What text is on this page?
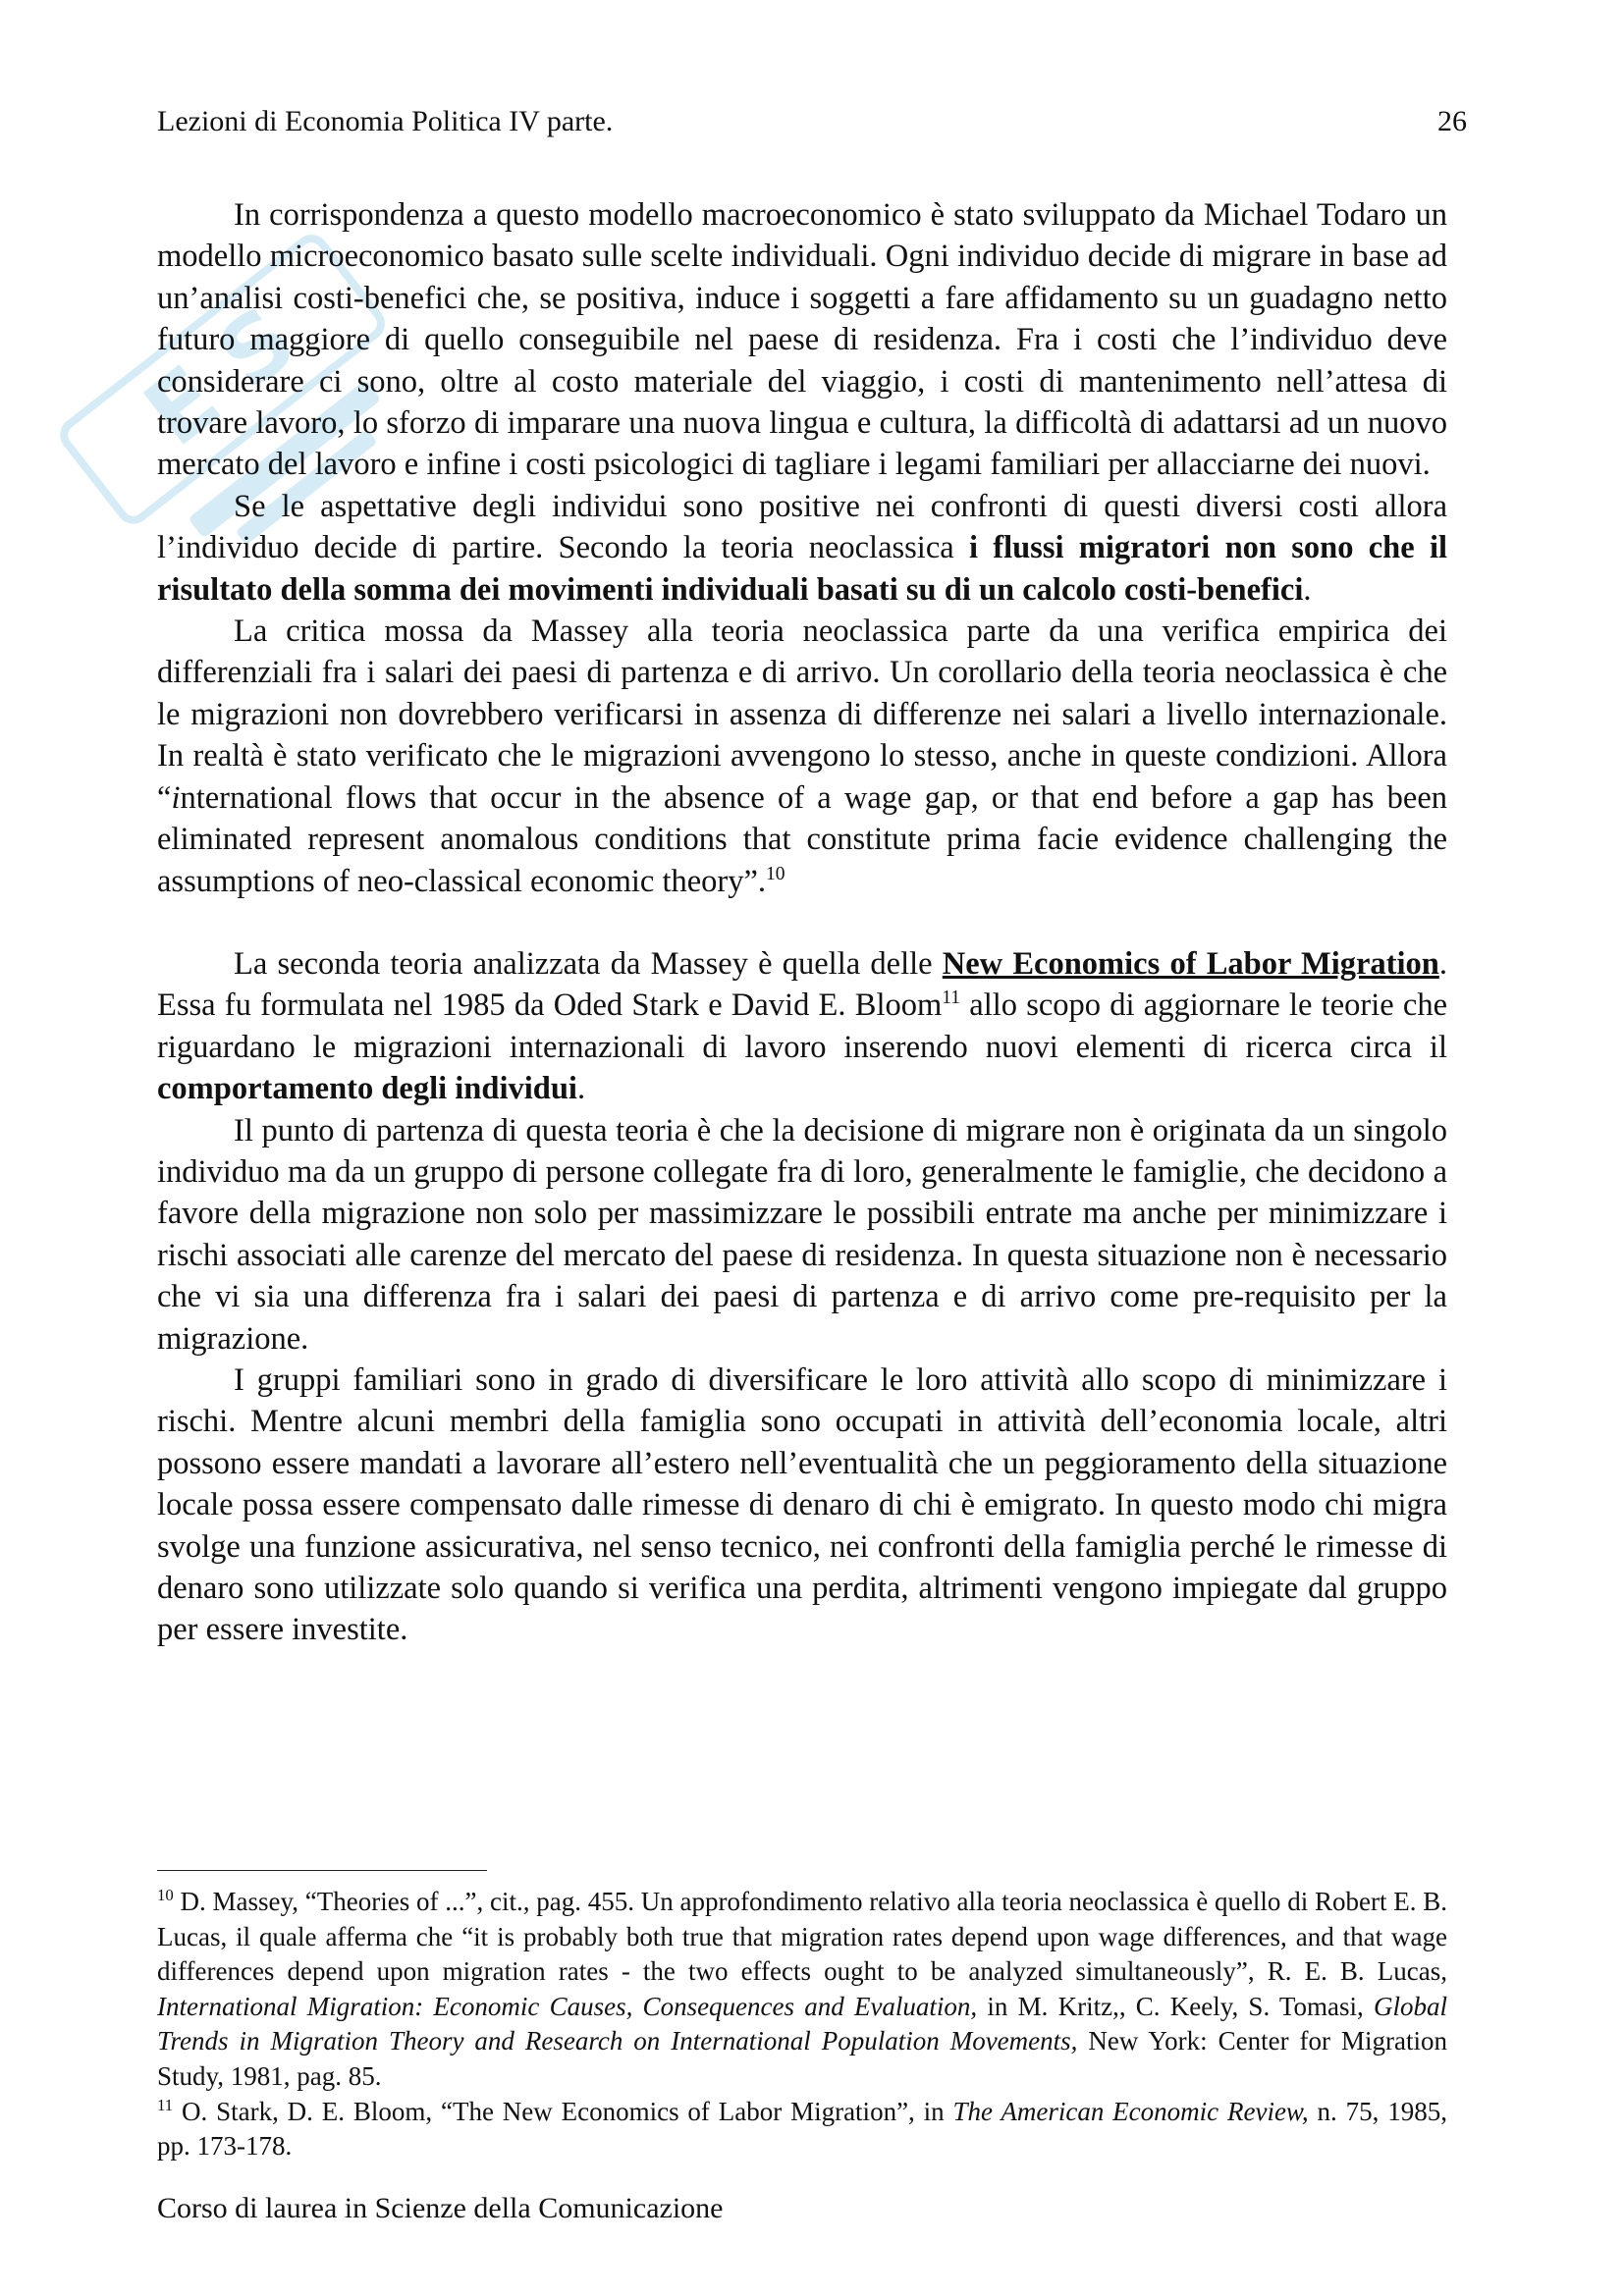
E S
Lezioni di Economia Politica IV parte.	26

In corrispondenza a questo modello macroeconomico è stato sviluppato da Michael Todaro un modello microeconomico basato sulle scelte individuali. Ogni individuo decide di migrare in base ad un’analisi costi-benefici che, se positiva, induce i soggetti a fare affidamento su un guadagno netto futuro maggiore di quello conseguibile nel paese di residenza. Fra i costi che l’individuo deve considerare ci sono, oltre al costo materiale del viaggio, i costi di mantenimento nell’attesa di trovare lavoro, lo sforzo di imparare una nuova lingua e cultura, la difficoltà di adattarsi ad un nuovo mercato del lavoro e infine i costi psicologici di tagliare i legami familiari per allacciarne dei nuovi.

Se le aspettative degli individui sono positive nei confronti di questi diversi costi allora l’individuo decide di partire. Secondo la teoria neoclassica i flussi migratori non sono che il risultato della somma dei movimenti individuali basati su di un calcolo costi-benefici.

La critica mossa da Massey alla teoria neoclassica parte da una verifica empirica dei differenziali fra i salari dei paesi di partenza e di arrivo. Un corollario della teoria neoclassica è che le migrazioni non dovrebbero verificarsi in assenza di differenze nei salari a livello internazionale. In realtà è stato verificato che le migrazioni avvengono lo stesso, anche in queste condizioni. Allora “international flows that occur in the absence of a wage gap, or that end before a gap has been eliminated represent anomalous conditions that constitute prima facie evidence challenging the assumptions of neo-classical economic theory”.$^{10}$

La seconda teoria analizzata da Massey è quella delle New Economics of Labor Migration. Essa fu formulata nel 1985 da Oded Stark e David E. Bloom$^{11}$ allo scopo di aggiornare le teorie che riguardano le migrazioni internazionali di lavoro inserendo nuovi elementi di ricerca circa il comportamento degli individui.

Il punto di partenza di questa teoria è che la decisione di migrare non è originata da un singolo individuo ma da un gruppo di persone collegate fra di loro, generalmente le famiglie, che decidono a favore della migrazione non solo per massimizzare le possibili entrate ma anche per minimizzare i rischi associati alle carenze del mercato del paese di residenza. In questa situazione non è necessario che vi sia una differenza fra i salari dei paesi di partenza e di arrivo come pre-requisito per la migrazione.

I gruppi familiari sono in grado di diversificare le loro attività allo scopo di minimizzare i rischi. Mentre alcuni membri della famiglia sono occupati in attività dell’economia locale, altri possono essere mandati a lavorare all’estero nell’eventualità che un peggioramento della situazione locale possa essere compensato dalle rimesse di denaro di chi è emigrato. In questo modo chi migra svolge una funzione assicurativa, nel senso tecnico, nei confronti della famiglia perché le rimesse di denaro sono utilizzate solo quando si verifica una perdita, altrimenti vengono impiegate dal gruppo per essere investite.

$^{10}$ D. Massey, “Theories of ...”, cit., pag. 455. Un approfondimento relativo alla teoria neoclassica è quello di Robert E. B. Lucas, il quale afferma che “it is probably both true that migration rates depend upon wage differences, and that wage differences depend upon migration rates - the two effects ought to be analyzed simultaneously”, R. E. B. Lucas, International Migration: Economic Causes, Consequences and Evaluation, in M. Kritz,, C. Keely, S. Tomasi, Global Trends in Migration Theory and Research on International Population Movements, New York: Center for Migration Study, 1981, pag. 85.

$^{11}$ O. Stark, D. E. Bloom, “The New Economics of Labor Migration”, in The American Economic Review, n. 75, 1985, pp. 173-178.

Corso di laurea in Scienze della Comunicazione
